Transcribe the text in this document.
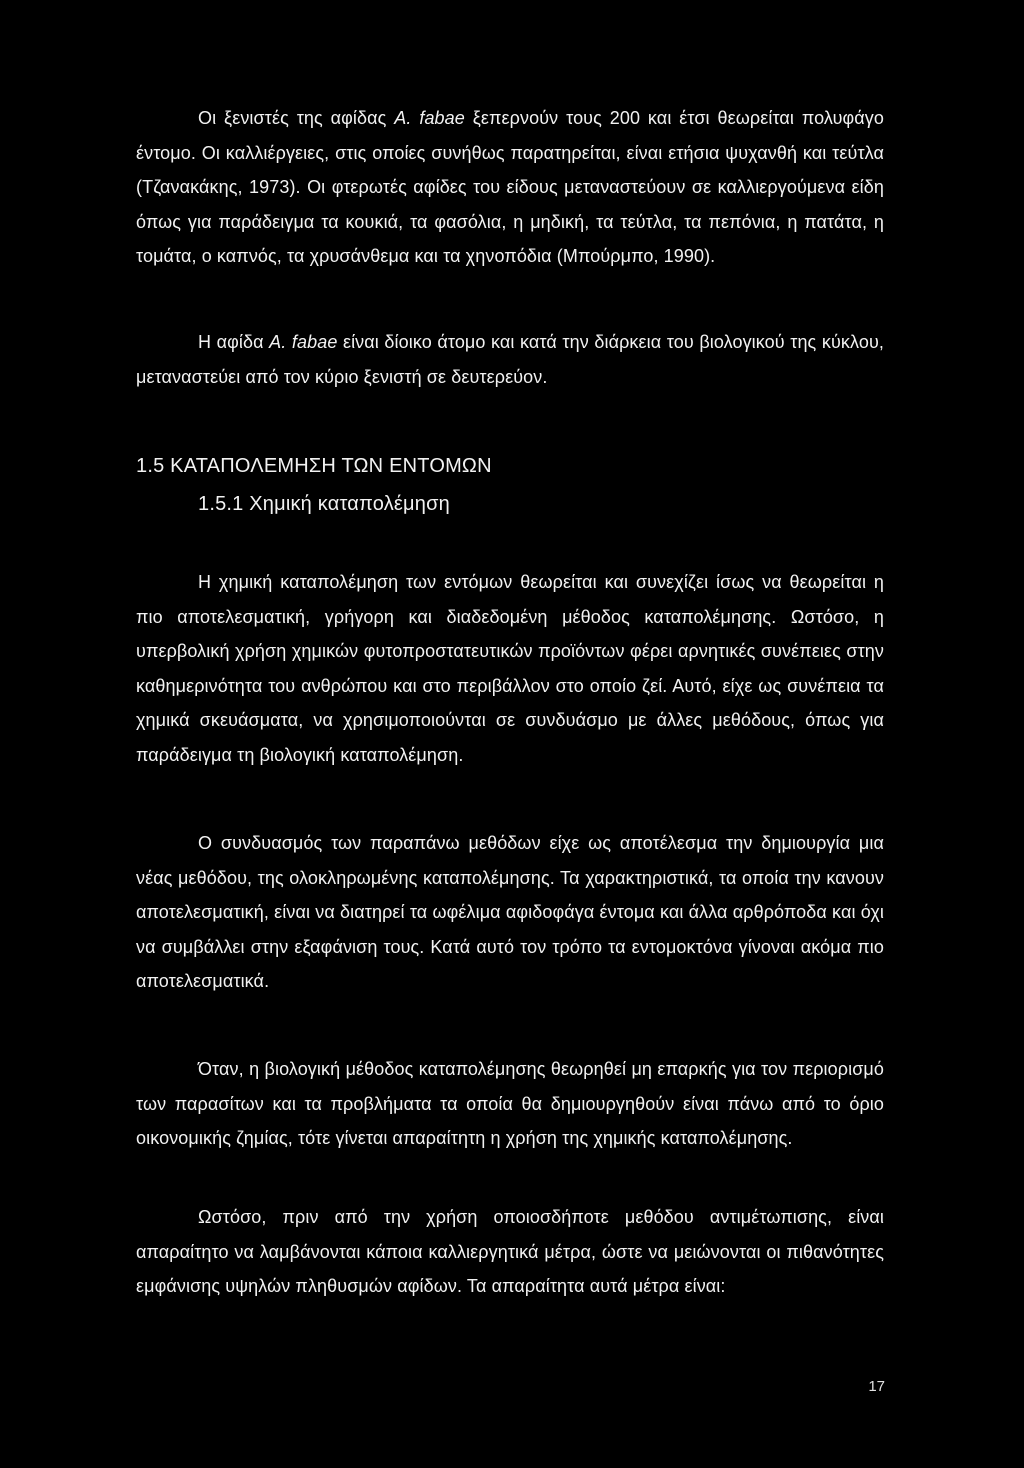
Οι ξενιστές της αφίδας A. fabae ξεπερνούν τους 200 και έτσι θεωρείται πολυφάγο έντομο. Οι καλλιέργειες, στις οποίες συνήθως παρατηρείται, είναι ετήσια ψυχανθή και τεύτλα (Τζανακάκης, 1973). Οι φτερωτές αφίδες του είδους μεταναστεύουν σε καλλιεργούμενα είδη όπως για παράδειγμα τα κουκιά, τα φασόλια, η μηδική, τα τεύτλα, τα πεπόνια, η πατάτα, η τομάτα, ο καπνός, τα χρυσάνθεμα και τα χηνοπόδια (Μπούρμπο, 1990).

Η αφίδα A. fabae είναι δίοικο άτομο και κατά την διάρκεια του βιολογικού της κύκλου, μεταναστεύει από τον κύριο ξενιστή σε δευτερεύον.

1.5 ΚΑΤΑΠΟΛΕΜΗΣΗ ΤΩΝ ΕΝΤΟΜΩΝ
1.5.1 Χημική καταπολέμηση

Η χημική καταπολέμηση των εντόμων θεωρείται και συνεχίζει ίσως να θεωρείται η πιο αποτελεσματική, γρήγορη και διαδεδομένη μέθοδος καταπολέμησης. Ωστόσο, η υπερβολική χρήση χημικών φυτοπροστατευτικών προϊόντων φέρει αρνητικές συνέπειες στην καθημερινότητα του ανθρώπου και στο περιβάλλον στο οποίο ζεί. Αυτό, είχε ως συνέπεια τα χημικά σκευάσματα, να χρησιμοποιούνται σε συνδυάσμο με άλλες μεθόδους, όπως για παράδειγμα τη βιολογική καταπολέμηση.

Ο συνδυασμός των παραπάνω μεθόδων είχε ως αποτέλεσμα την δημιουργία μια νέας μεθόδου, της ολοκληρωμένης καταπολέμησης. Τα χαρακτηριστικά, τα οποία την κανουν αποτελεσματική, είναι να διατηρεί τα ωφέλιμα αφιδοφάγα έντομα και άλλα αρθρόποδα και όχι να συμβάλλει στην εξαφάνιση τους. Κατά αυτό τον τρόπο τα εντομοκτόνα γίνοναι ακόμα πιο αποτελεσματικά.

Όταν, η βιολογική μέθοδος καταπολέμησης θεωρηθεί μη επαρκής για τον περιορισμό των παρασίτων και τα προβλήματα τα οποία θα δημιουργηθούν είναι πάνω από το όριο οικονομικής ζημίας, τότε γίνεται απαραίτητη η χρήση της χημικής καταπολέμησης.

Ωστόσο, πριν από την χρήση οποιοσδήποτε μεθόδου αντιμέτωπισης, είναι απαραίτητο να λαμβάνονται κάποια καλλιεργητικά μέτρα, ώστε να μειώνονται οι πιθανότητες εμφάνισης υψηλών πληθυσμών αφίδων. Τα απαραίτητα αυτά μέτρα είναι:

17
